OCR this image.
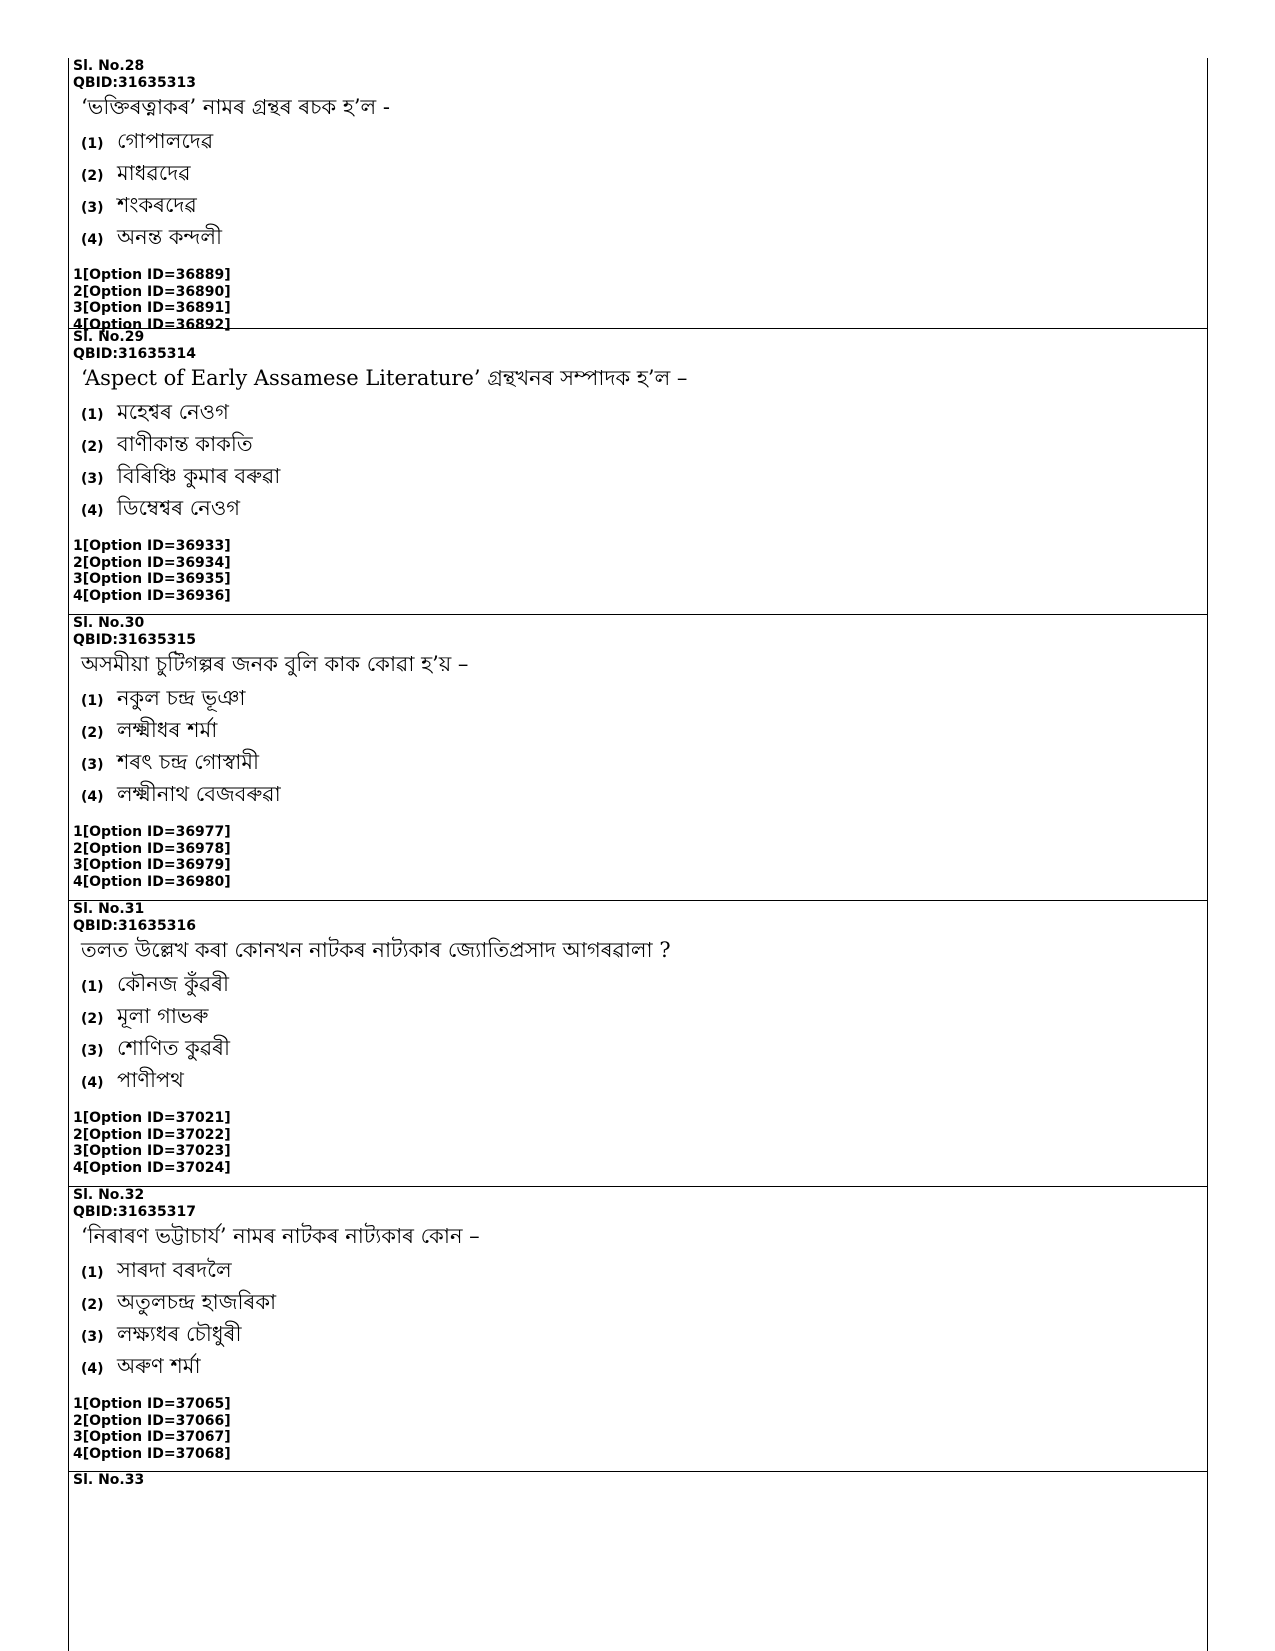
Sl. No.28
QBID:31635313
‘ভক্তিৰত্নাকৰ’ নামৰ গ্ৰন্থৰ ৰচক হ’ল -
(1) গোপালদেৱ
(2) মাধৱদেৱ
(3) শংকৰদেৱ
(4) অনন্ত কন্দলী
1[Option ID=36889]
2[Option ID=36890]
3[Option ID=36891]
4[Option ID=36892]
Sl. No.29
QBID:31635314
‘Aspect of Early Assamese Literature’ গ্ৰন্থখনৰ সম্পাদক হ’ল –
(1) মহেশ্বৰ নেওগ
(2) বাণীকান্ত কাকতি
(3) বিৰিঞ্চি কুমাৰ বৰুৱা
(4) ডিম্বেশ্বৰ নেওগ
1[Option ID=36933]
2[Option ID=36934]
3[Option ID=36935]
4[Option ID=36936]
Sl. No.30
QBID:31635315
অসমীয়া চুটিগল্পৰ জনক বুলি কাক কোৱা হ’য় –
(1) নকুল চন্দ্ৰ ভূঞা
(2) লক্ষ্মীধৰ শৰ্মা
(3) শৰৎ চন্দ্ৰ গোস্বামী
(4) লক্ষ্মীনাথ বেজবৰুৱা
1[Option ID=36977]
2[Option ID=36978]
3[Option ID=36979]
4[Option ID=36980]
Sl. No.31
QBID:31635316
তলত উল্লেখ কৰা কোনখন নাটকৰ নাট্যকাৰ জ্যোতিপ্ৰসাদ আগৰৱালা ?
(1) কৌনজ কুঁৱৰী
(2) মূলা গাভৰু
(3) শোণিত কুৱৰী
(4) পাণীপথ
1[Option ID=37021]
2[Option ID=37022]
3[Option ID=37023]
4[Option ID=37024]
Sl. No.32
QBID:31635317
‘নিৰাৰণ ভট্টাচাৰ্য’ নামৰ নাটকৰ নাট্যকাৰ কোন –
(1) সাৰদা বৰদলৈ
(2) অতুলচন্দ্ৰ হাজৰিকা
(3) লক্ষ্যধৰ চৌধুৰী
(4) অৰুণ শৰ্মা
1[Option ID=37065]
2[Option ID=37066]
3[Option ID=37067]
4[Option ID=37068]
Sl. No.33
